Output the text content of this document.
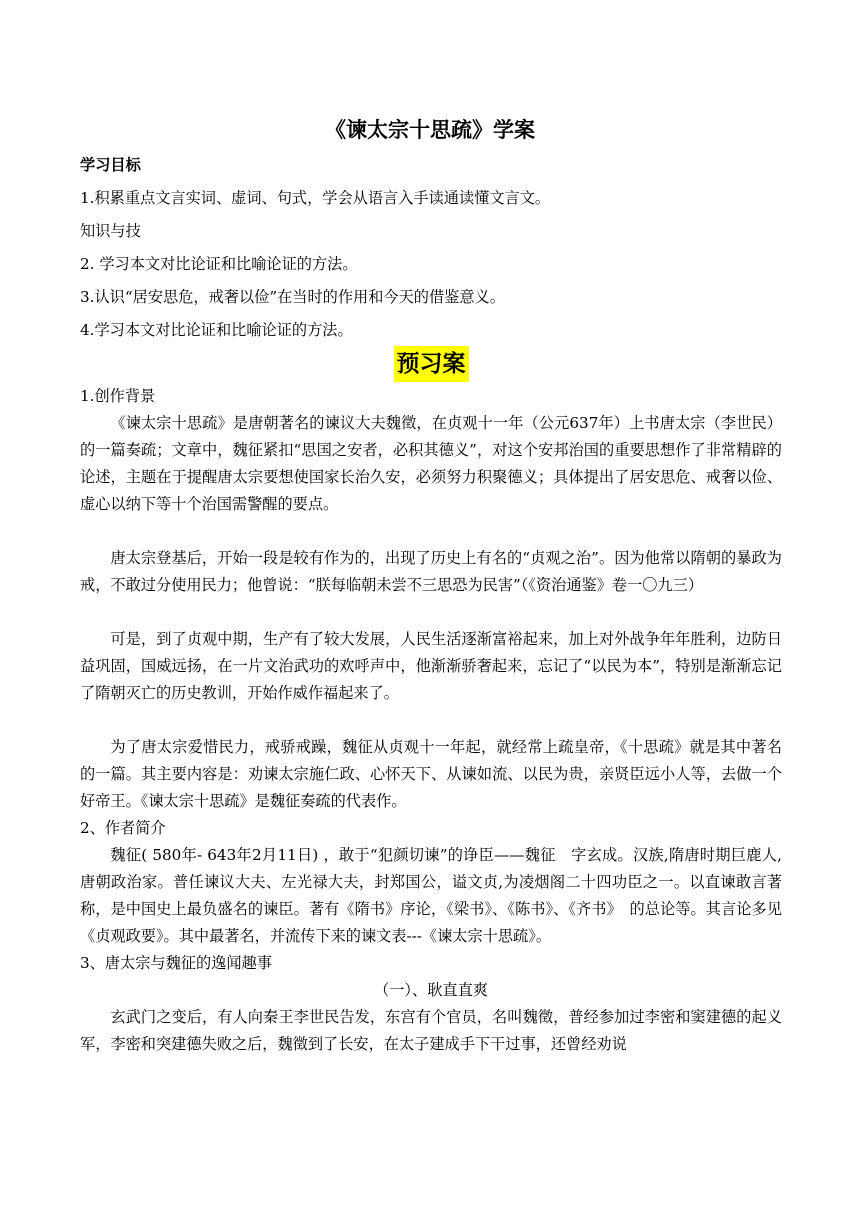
《谏太宗十思疏》学案

学习目标

1.积累重点文言实词、虚词、句式，学会从语言入手读通读懂文言文。

知识与技

2. 学习本文对比论证和比喻论证的方法。

3.认识“居安思危，戒奢以俭”在当时的作用和今天的借鉴意义。

4.学习本文对比论证和比喻论证的方法。

预习案

1.创作背景

《谏太宗十思疏》是唐朝著名的谏议大夫魏徵，在贞观十一年（公元637年）上书唐太宗（李世民）的一篇奏疏；文章中，魏征紧扣“思国之安者，必积其德义”，对这个安邦治国的重要思想作了非常精辟的论述，主题在于提醒唐太宗要想使国家长治久安，必须努力积聚德义；具体提出了居安思危、戒奢以俭、虚心以纳下等十个治国需警醒的要点。

唐太宗登基后，开始一段是较有作为的，出现了历史上有名的“贞观之治”。因为他常以隋朝的暴政为戒，不敢过分使用民力；他曾说：“朕每临朝未尝不三思恐为民害”（《资治通鉴》卷一〇九三）

可是，到了贞观中期，生产有了较大发展，人民生活逐渐富裕起来，加上对外战争年年胜利，边防日益巩固，国威远扬，在一片文治武功的欢呼声中，他渐渐骄奢起来，忘记了“以民为本”，特别是渐渐忘记了隋朝灭亡的历史教训，开始作威作福起来了。

为了唐太宗爱惜民力，戒骄戒躁，魏征从贞观十一年起，就经常上疏皇帝，《十思疏》就是其中著名的一篇。其主要内容是：劝谏太宗施仁政、心怀天下、从谏如流、以民为贵，亲贤臣远小人等，去做一个好帝王。《谏太宗十思疏》是魏征奏疏的代表作。

2、作者简介

魏征( 580年- 643年2月11日) ，敢于“犯颜切谏”的诤臣——魏征　字玄成。汉族,隋唐时期巨鹿人,唐朝政治家。普任谏议大夫、左光禄大夫，封郑国公，谥文贞,为凌烟阁二十四功臣之一。以直谏敢言著称，是中国史上最负盛名的谏臣。著有《隋书》序论，《梁书》、《陈书》、《齐书》　的总论等。其言论多见《贞观政要》。其中最著名，并流传下来的谏文表---《谏太宗十思疏》。

3、唐太宗与魏征的逸闻趣事

（一）、耿直直爽

玄武门之变后，有人向秦王李世民告发，东宫有个官员，名叫魏徵，普经参加过李密和窦建德的起义军，李密和突建德失败之后，魏徵到了长安，在太子建成手下干过事，还曾经劝说
